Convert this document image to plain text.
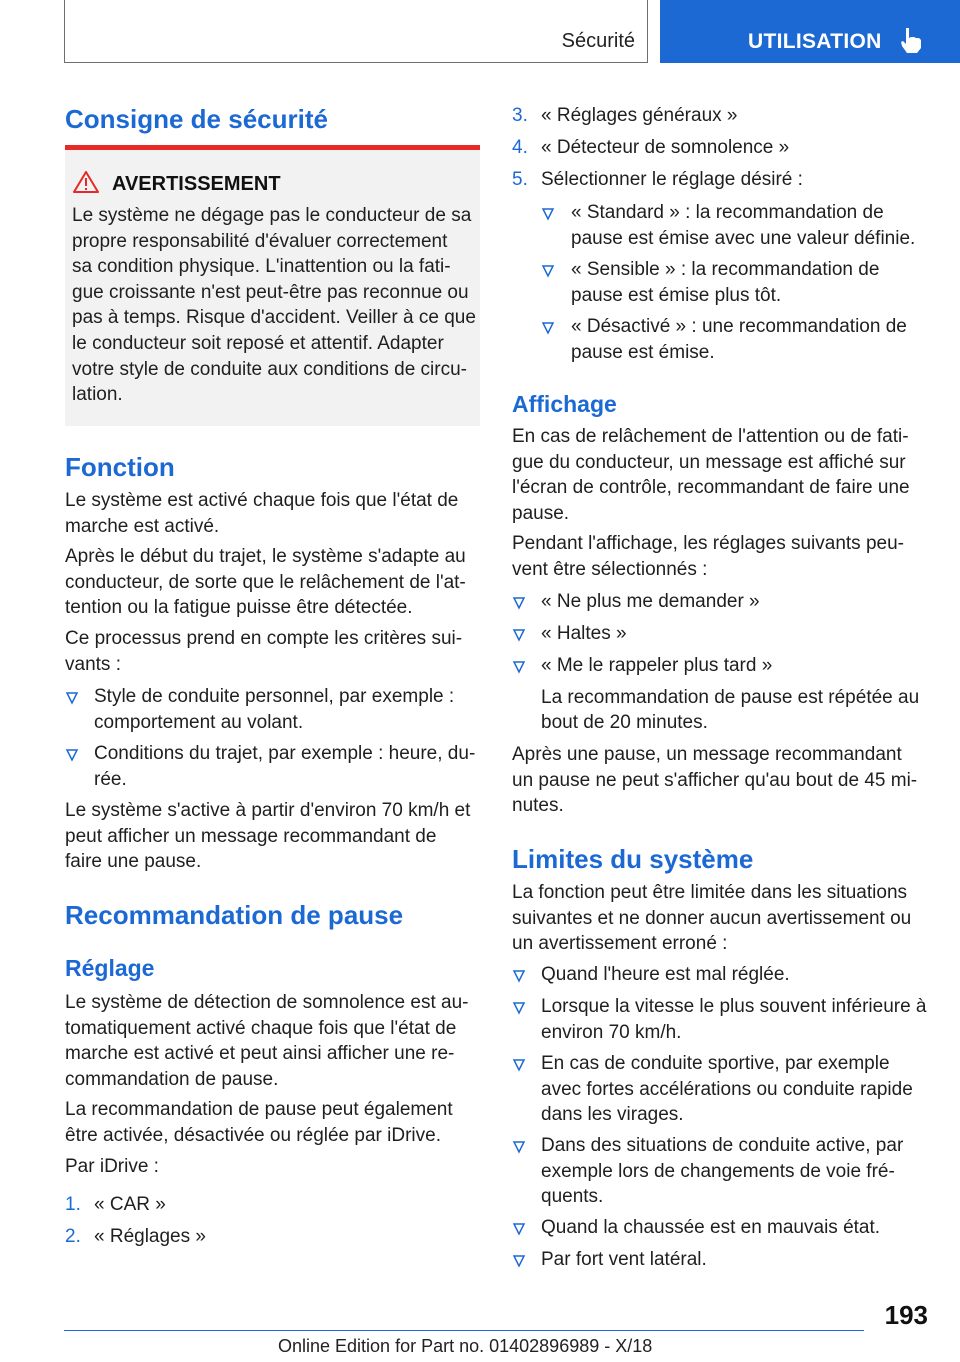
Sécurité	UTILISATION
Consigne de sécurité
AVERTISSEMENT
Le système ne dégage pas le conducteur de sa
propre responsabilité d'évaluer correctement
sa condition physique. L'inattention ou la fati‐
gue croissante n'est peut-être pas reconnue ou
pas à temps. Risque d'accident. Veiller à ce que
le conducteur soit reposé et attentif. Adapter
votre style de conduite aux conditions de circu‐
lation.
Fonction
Le système est activé chaque fois que l'état de
marche est activé.
Après le début du trajet, le système s'adapte au
conducteur, de sorte que le relâchement de l'at‐
tention ou la fatigue puisse être détectée.
Ce processus prend en compte les critères sui‐
vants :
Style de conduite personnel, par exemple :
comportement au volant.
Conditions du trajet, par exemple : heure, du‐
rée.
Le système s'active à partir d'environ 70 km/h et
peut afficher un message recommandant de
faire une pause.
Recommandation de pause
Réglage
Le système de détection de somnolence est au‐
tomatiquement activé chaque fois que l'état de
marche est activé et peut ainsi afficher une re‐
commandation de pause.
La recommandation de pause peut également
être activée, désactivée ou réglée par iDrive.
Par iDrive :
1. « CAR »
2. « Réglages »
3. « Réglages généraux »
4. « Détecteur de somnolence »
5. Sélectionner le réglage désiré :
« Standard » : la recommandation de
pause est émise avec une valeur définie.
« Sensible » : la recommandation de
pause est émise plus tôt.
« Désactivé » : une recommandation de
pause est émise.
Affichage
En cas de relâchement de l'attention ou de fati‐
gue du conducteur, un message est affiché sur
l'écran de contrôle, recommandant de faire une
pause.
Pendant l'affichage, les réglages suivants peu‐
vent être sélectionnés :
« Ne plus me demander »
« Haltes »
« Me le rappeler plus tard »
La recommandation de pause est répétée au
bout de 20 minutes.
Après une pause, un message recommandant
un pause ne peut s'afficher qu'au bout de 45 mi‐
nutes.
Limites du système
La fonction peut être limitée dans les situations
suivantes et ne donner aucun avertissement ou
un avertissement erroné :
Quand l'heure est mal réglée.
Lorsque la vitesse le plus souvent inférieure à
environ 70 km/h.
En cas de conduite sportive, par exemple
avec fortes accélérations ou conduite rapide
dans les virages.
Dans des situations de conduite active, par
exemple lors de changements de voie fré‐
quents.
Quand la chaussée est en mauvais état.
Par fort vent latéral.
193
Online Edition for Part no. 01402896989 - X/18
